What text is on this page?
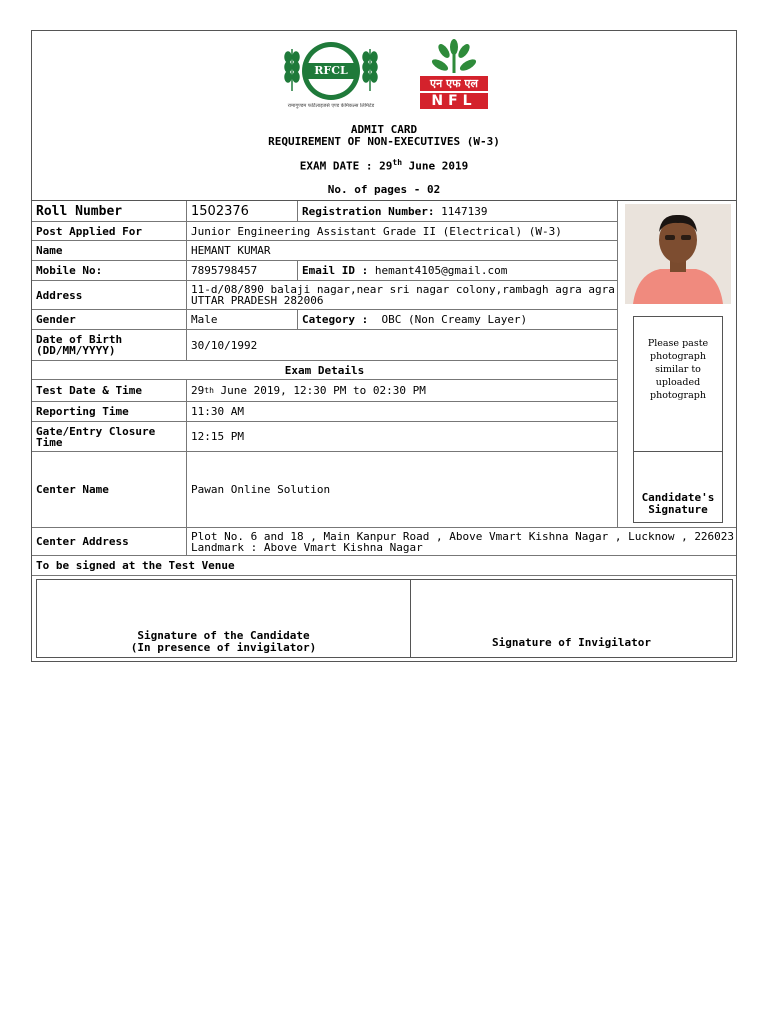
RFCL
रामागुण्डम फर्टिलाइजर्स एण्ड केमिकल्स लिमिटेड
एन एफ एल
NFL
ADMIT CARD
REQUIREMENT OF NON-EXECUTIVES (W-3)
EXAM DATE : 29th June 2019
No. of pages - 02
Roll Number	1502376	Registration Number:
1147139
Post Applied For	Junior Engineering Assistant Grade II (Electrical) (W-3)
Name	HEMANT KUMAR
Mobile No:	7895798457	Email ID :
hemant4105@gmail.com
Address	11-d/08/890 balaji nagar,near sri nagar colony,rambagh agra agra UTTAR PRADESH 282006
Gender	Male	Category :
OBC (Non Creamy Layer)
Date of Birth (DD/MM/YYYY)	30/10/1992
Exam Details
Test Date & Time	29 th June 2019, 12:30 PM to 02:30 PM
Reporting Time	11:30 AM
Gate/Entry Closure Time	12:15 PM
Center Name	Pawan Online Solution
Please paste
photograph
similar to
uploaded
photograph
Candidate's Signature
Center Address	Plot No. 6 and 18 , Main Kanpur Road , Above Vmart Kishna Nagar , Lucknow , 226023 Landmark : Above Vmart Kishna Nagar
To be signed at the Test Venue
Signature of the Candidate
(In presence of invigilator)	Signature of Invigilator
